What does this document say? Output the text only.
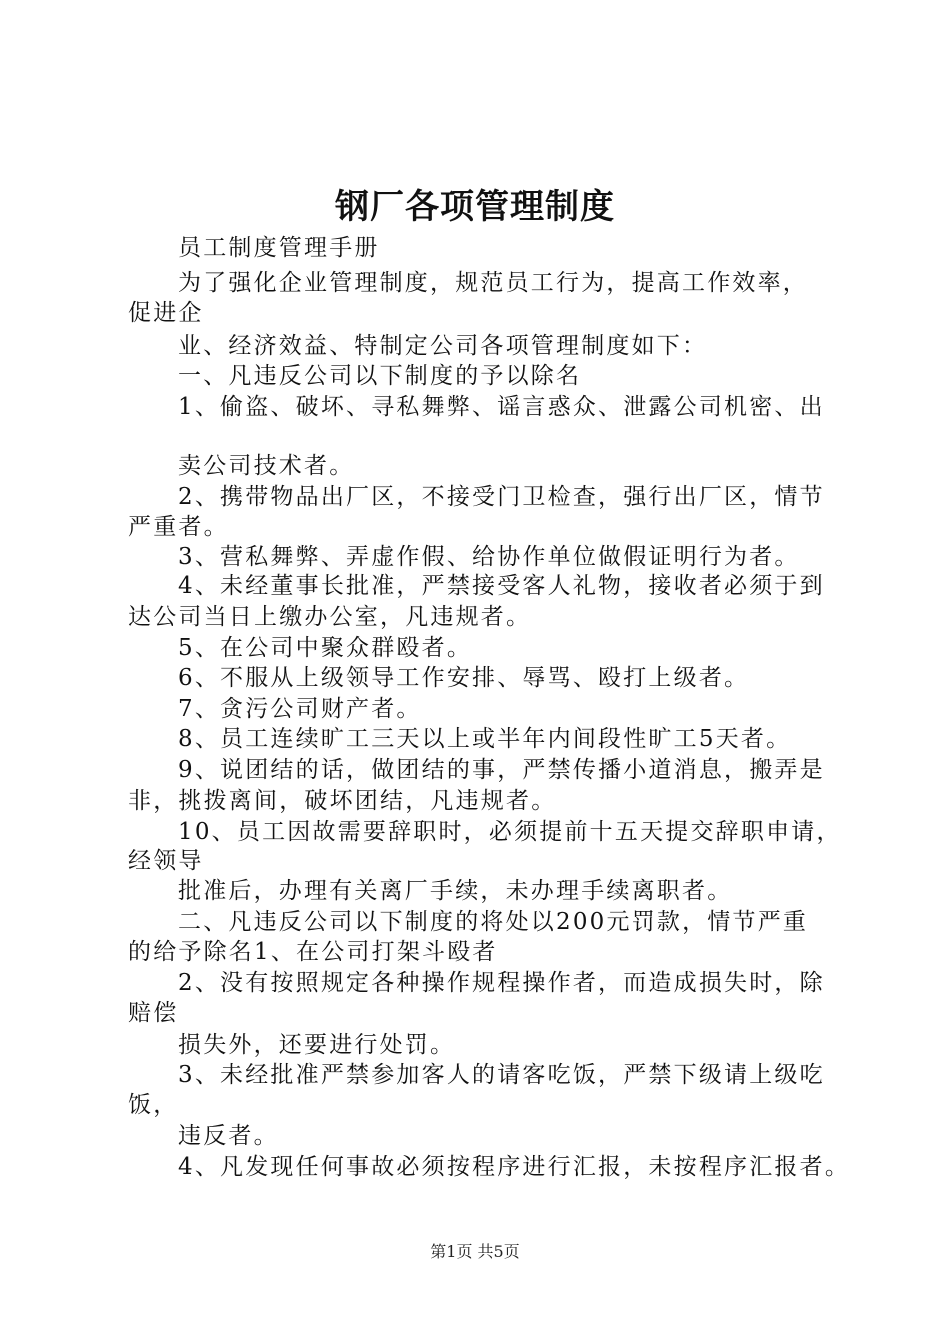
钢厂各项管理制度
员工制度管理手册
为了强化企业管理制度，规范员工行为，提高工作效率，
促进企
业、经济效益、特制定公司各项管理制度如下：
一、凡违反公司以下制度的予以除名
1、偷盗、破坏、寻私舞弊、谣言惑众、泄露公司机密、出
卖公司技术者。
2、携带物品出厂区，不接受门卫检查，强行出厂区，情节
严重者。
3、营私舞弊、弄虚作假、给协作单位做假证明行为者。
4、未经董事长批准，严禁接受客人礼物，接收者必须于到
达公司当日上缴办公室，凡违规者。
5、在公司中聚众群殴者。
6、不服从上级领导工作安排、辱骂、殴打上级者。
7、贪污公司财产者。
8、员工连续旷工三天以上或半年内间段性旷工5天者。
9、说团结的话，做团结的事，严禁传播小道消息，搬弄是
非，挑拨离间，破坏团结，凡违规者。
10、员工因故需要辞职时，必须提前十五天提交辞职申请，
经领导
批准后，办理有关离厂手续，未办理手续离职者。
二、凡违反公司以下制度的将处以200元罚款，情节严重
的给予除名1、在公司打架斗殴者
2、没有按照规定各种操作规程操作者，而造成损失时，除
赔偿
损失外，还要进行处罚。
3、未经批准严禁参加客人的请客吃饭，严禁下级请上级吃
饭，
违反者。
4、凡发现任何事故必须按程序进行汇报，未按程序汇报者。
第1页 共5页
